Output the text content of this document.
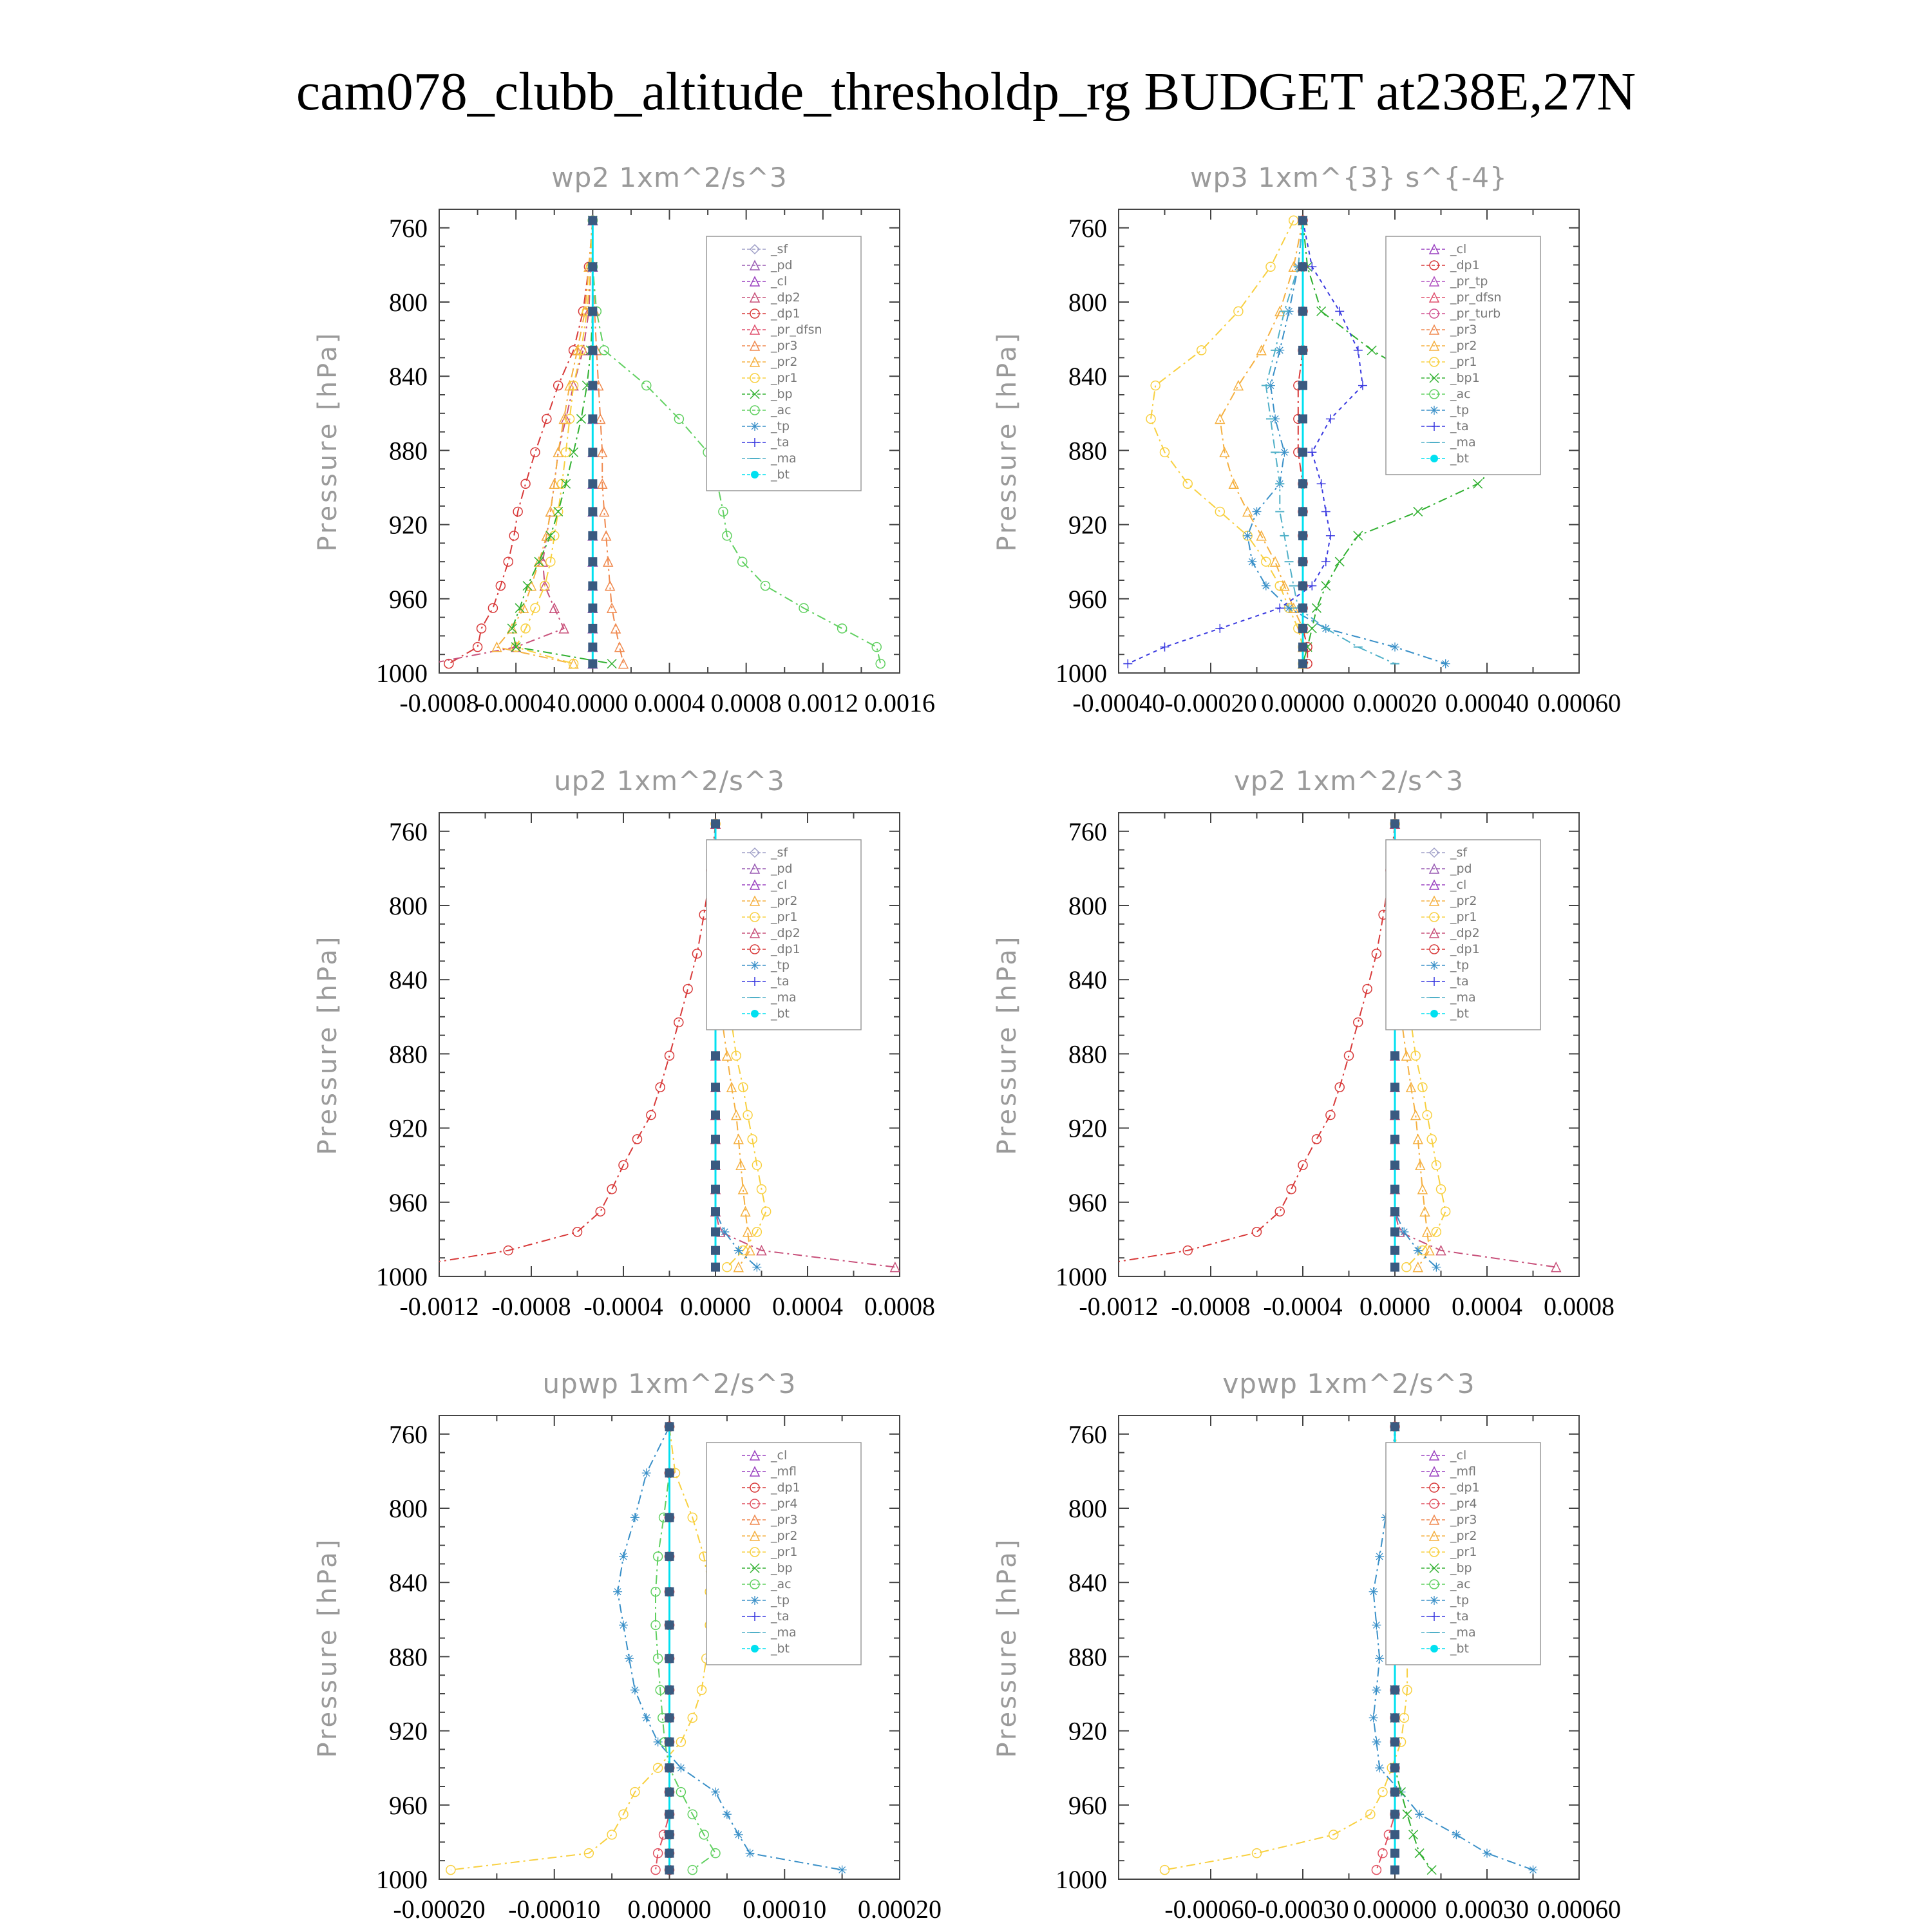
cam078_clubb_altitude_thresholdp_rg BUDGET at238E,27N
wp2 1xm^2/s^3
Pressure [hPa]
760
800
840
880
920
960
1000
-0.0008
-0.0004 0.0000 0.0004 0.0008 0.0012 0.0016
_sf
_pd
_cl
_dp2
_dp1
_pr_dfsn
_pr3
_pr2
_pr1
_bp
_ac
_tp
_ta
_ma
_bt
wp3 1xm^{3} s^{-4}
Pressure [hPa]
760
800
840
880
920
960
1000
-0.00040 -0.00020 0.00000 0.00020 0.00040 0.00060
_cl
_dp1
_pr_tp
_pr_dfsn
_pr_turb
_pr3
_pr2
_pr1
_bp1
_ac
_tp
_ta
_ma
_bt
up2 1xm^2/s^3
Pressure [hPa]
760
800
840
880
920
960
1000
-0.0012 -0.0008 -0.0004 0.0000 0.0004 0.0008
_sf
_pd
_cl
_pr2
_pr1
_dp2
_dp1
_tp
_ta
_ma
_bt
vp2 1xm^2/s^3
Pressure [hPa]
760
800
840
880
920
960
1000
-0.0012 -0.0008 -0.0004 0.0000 0.0004 0.0008
_sf
_pd
_cl
_pr2
_pr1
_dp2
_dp1
_tp
_ta
_ma
_bt
upwp 1xm^2/s^3
Pressure [hPa]
760
800
840
880
920
960
1000
-0.00020 -0.00010 0.00000 0.00010 0.00020
_cl
_mfl
_dp1
_pr4
_pr3
_pr2
_pr1
_bp
_ac
_tp
_ta
_ma
_bt
vpwp 1xm^2/s^3
Pressure [hPa]
760
800
840
880
920
960
1000
-0.00060 -0.00030 0.00000 0.00030 0.00060
_cl
_mfl
_dp1
_pr4
_pr3
_pr2
_pr1
_bp
_ac
_tp
_ta
_ma
_bt
